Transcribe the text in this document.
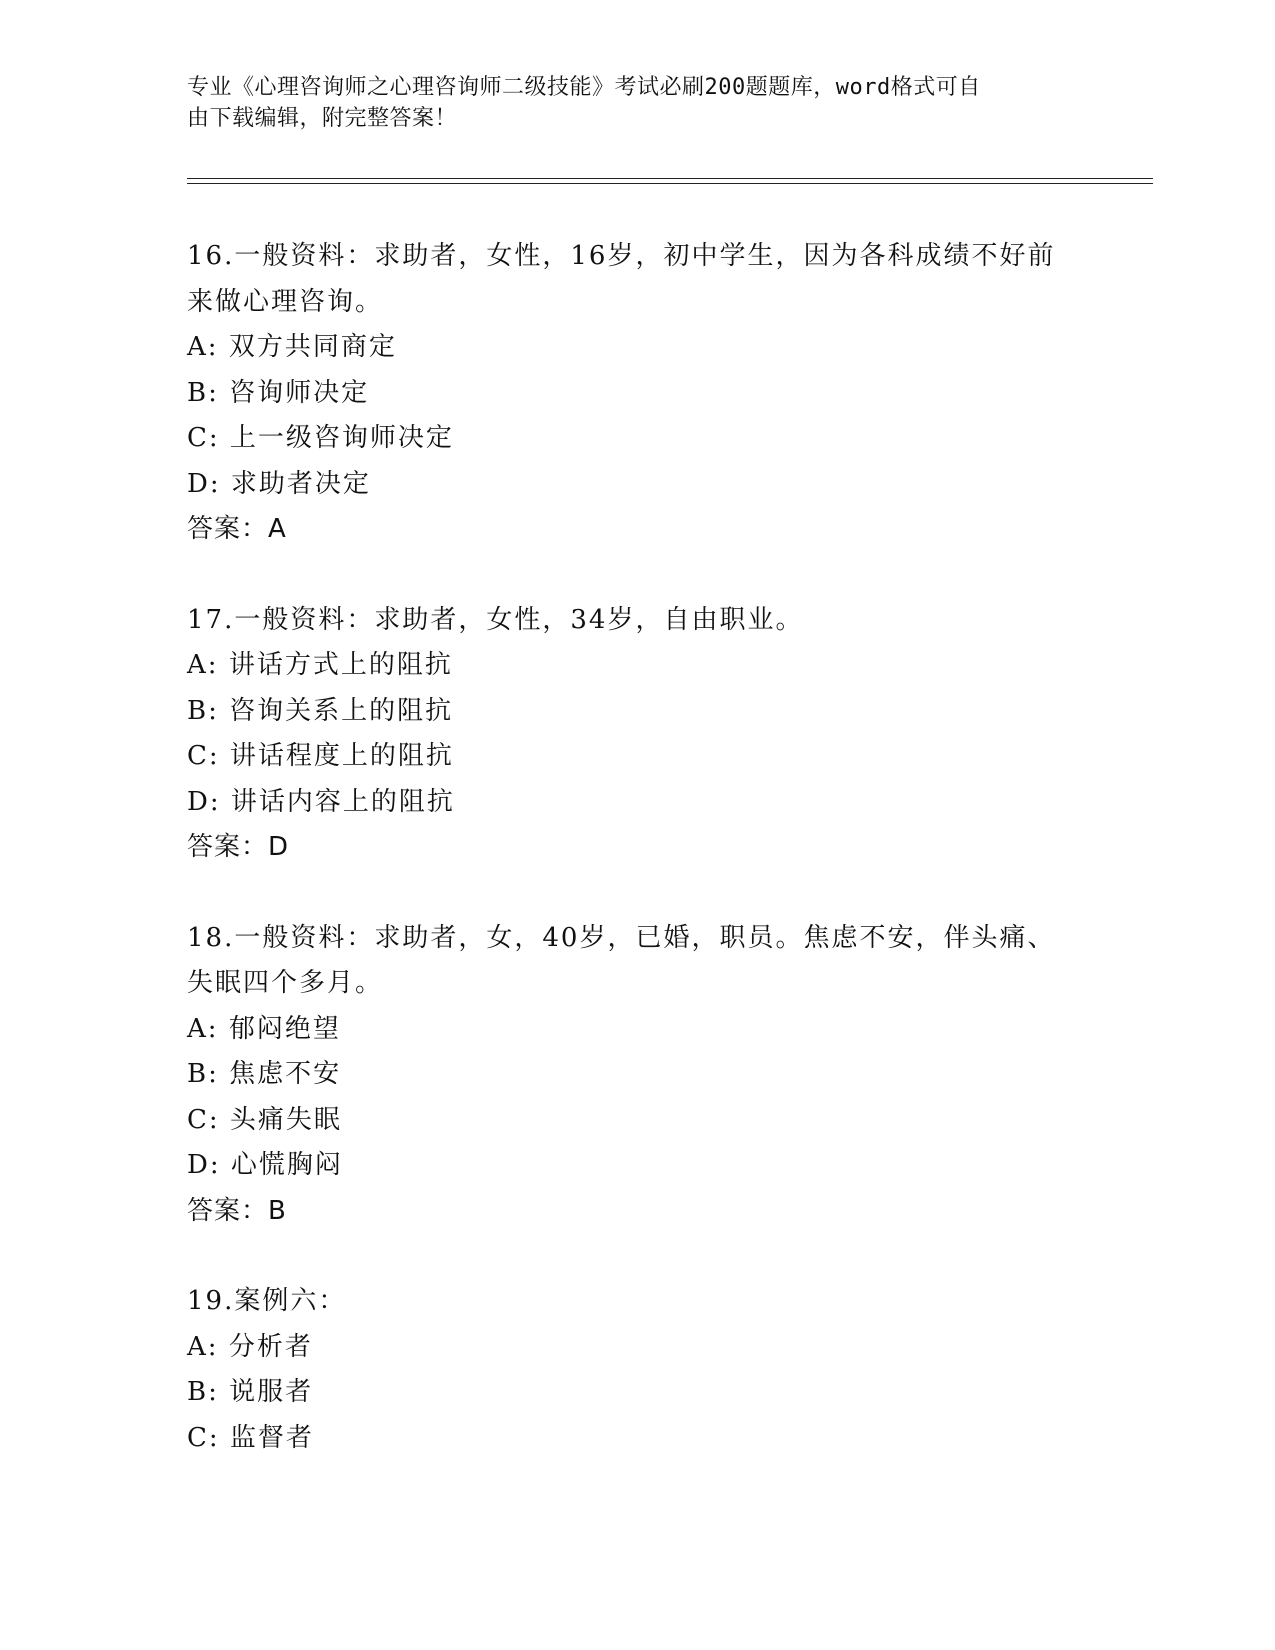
专业《心理咨询师之心理咨询师二级技能》考试必刷200题题库，word格式可自
由下载编辑，附完整答案！
16.一般资料：求助者，女性，16岁，初中学生，因为各科成绩不好前
来做心理咨询。
A: 双方共同商定
B: 咨询师决定
C: 上一级咨询师决定
D: 求助者决定
答案：A
17.一般资料：求助者，女性，34岁，自由职业。
A: 讲话方式上的阻抗
B: 咨询关系上的阻抗
C: 讲话程度上的阻抗
D: 讲话内容上的阻抗
答案：D
18.一般资料：求助者，女，40岁，已婚，职员。焦虑不安，伴头痛、
失眠四个多月。
A: 郁闷绝望
B: 焦虑不安
C: 头痛失眠
D: 心慌胸闷
答案：B
19.案例六：
A: 分析者
B: 说服者
C: 监督者
